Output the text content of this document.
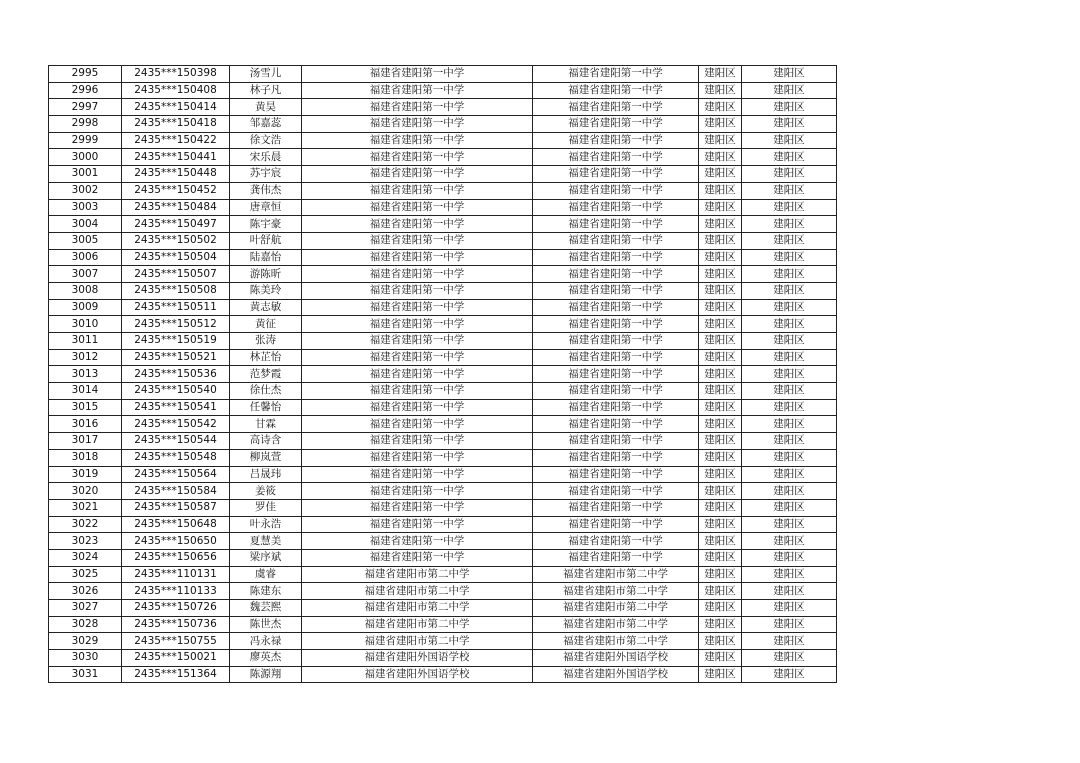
2995	2435***150398	汤雪儿	福建省建阳第一中学	福建省建阳第一中学	建阳区	建阳区
2996	2435***150408	林子凡	福建省建阳第一中学	福建省建阳第一中学	建阳区	建阳区
2997	2435***150414	黄昊	福建省建阳第一中学	福建省建阳第一中学	建阳区	建阳区
2998	2435***150418	邹嘉蕊	福建省建阳第一中学	福建省建阳第一中学	建阳区	建阳区
2999	2435***150422	徐文浩	福建省建阳第一中学	福建省建阳第一中学	建阳区	建阳区
3000	2435***150441	宋乐晨	福建省建阳第一中学	福建省建阳第一中学	建阳区	建阳区
3001	2435***150448	苏宇宸	福建省建阳第一中学	福建省建阳第一中学	建阳区	建阳区
3002	2435***150452	龚伟杰	福建省建阳第一中学	福建省建阳第一中学	建阳区	建阳区
3003	2435***150484	唐章恒	福建省建阳第一中学	福建省建阳第一中学	建阳区	建阳区
3004	2435***150497	陈宇豪	福建省建阳第一中学	福建省建阳第一中学	建阳区	建阳区
3005	2435***150502	叶舒航	福建省建阳第一中学	福建省建阳第一中学	建阳区	建阳区
3006	2435***150504	陆嘉怡	福建省建阳第一中学	福建省建阳第一中学	建阳区	建阳区
3007	2435***150507	游陈昕	福建省建阳第一中学	福建省建阳第一中学	建阳区	建阳区
3008	2435***150508	陈美玲	福建省建阳第一中学	福建省建阳第一中学	建阳区	建阳区
3009	2435***150511	黄志敏	福建省建阳第一中学	福建省建阳第一中学	建阳区	建阳区
3010	2435***150512	黄征	福建省建阳第一中学	福建省建阳第一中学	建阳区	建阳区
3011	2435***150519	张涛	福建省建阳第一中学	福建省建阳第一中学	建阳区	建阳区
3012	2435***150521	林芷怡	福建省建阳第一中学	福建省建阳第一中学	建阳区	建阳区
3013	2435***150536	范梦霞	福建省建阳第一中学	福建省建阳第一中学	建阳区	建阳区
3014	2435***150540	徐仕杰	福建省建阳第一中学	福建省建阳第一中学	建阳区	建阳区
3015	2435***150541	任馨怡	福建省建阳第一中学	福建省建阳第一中学	建阳区	建阳区
3016	2435***150542	甘霖	福建省建阳第一中学	福建省建阳第一中学	建阳区	建阳区
3017	2435***150544	高诗含	福建省建阳第一中学	福建省建阳第一中学	建阳区	建阳区
3018	2435***150548	柳岚萱	福建省建阳第一中学	福建省建阳第一中学	建阳区	建阳区
3019	2435***150564	吕晟玮	福建省建阳第一中学	福建省建阳第一中学	建阳区	建阳区
3020	2435***150584	姜筱	福建省建阳第一中学	福建省建阳第一中学	建阳区	建阳区
3021	2435***150587	罗佳	福建省建阳第一中学	福建省建阳第一中学	建阳区	建阳区
3022	2435***150648	叶永浩	福建省建阳第一中学	福建省建阳第一中学	建阳区	建阳区
3023	2435***150650	夏慧美	福建省建阳第一中学	福建省建阳第一中学	建阳区	建阳区
3024	2435***150656	梁序斌	福建省建阳第一中学	福建省建阳第一中学	建阳区	建阳区
3025	2435***110131	虞睿	福建省建阳市第二中学	福建省建阳市第二中学	建阳区	建阳区
3026	2435***110133	陈建东	福建省建阳市第二中学	福建省建阳市第二中学	建阳区	建阳区
3027	2435***150726	魏芸熙	福建省建阳市第二中学	福建省建阳市第二中学	建阳区	建阳区
3028	2435***150736	陈世杰	福建省建阳市第二中学	福建省建阳市第二中学	建阳区	建阳区
3029	2435***150755	冯永禄	福建省建阳市第二中学	福建省建阳市第二中学	建阳区	建阳区
3030	2435***150021	廖英杰	福建省建阳外国语学校	福建省建阳外国语学校	建阳区	建阳区
3031	2435***151364	陈源翔	福建省建阳外国语学校	福建省建阳外国语学校	建阳区	建阳区
